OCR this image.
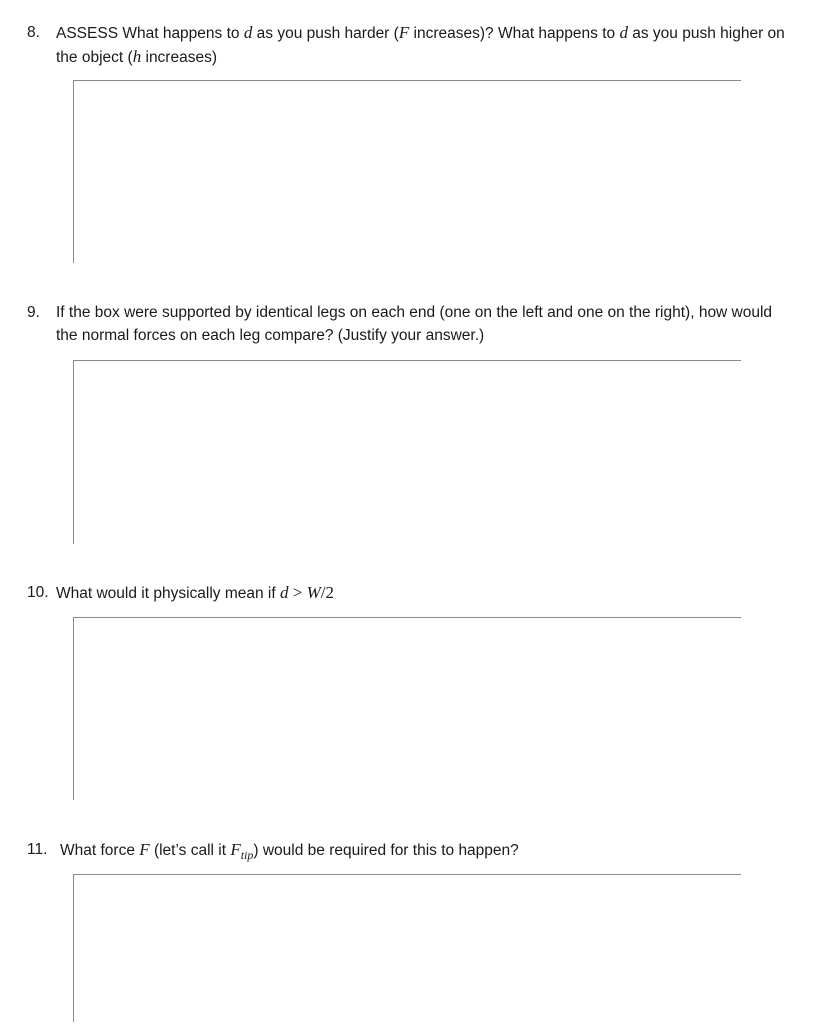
8.	ASSESS What happens to d as you push harder (F increases)? What happens to d as you push higher on the object (h increases)
9.	If the box were supported by identical legs on each end (one on the left and one on the right), how would the normal forces on each leg compare? (Justify your answer.)
10. What would it physically mean if d > W/2
11. What force F (let’s call it $F_{tip}$) would be required for this to happen?
